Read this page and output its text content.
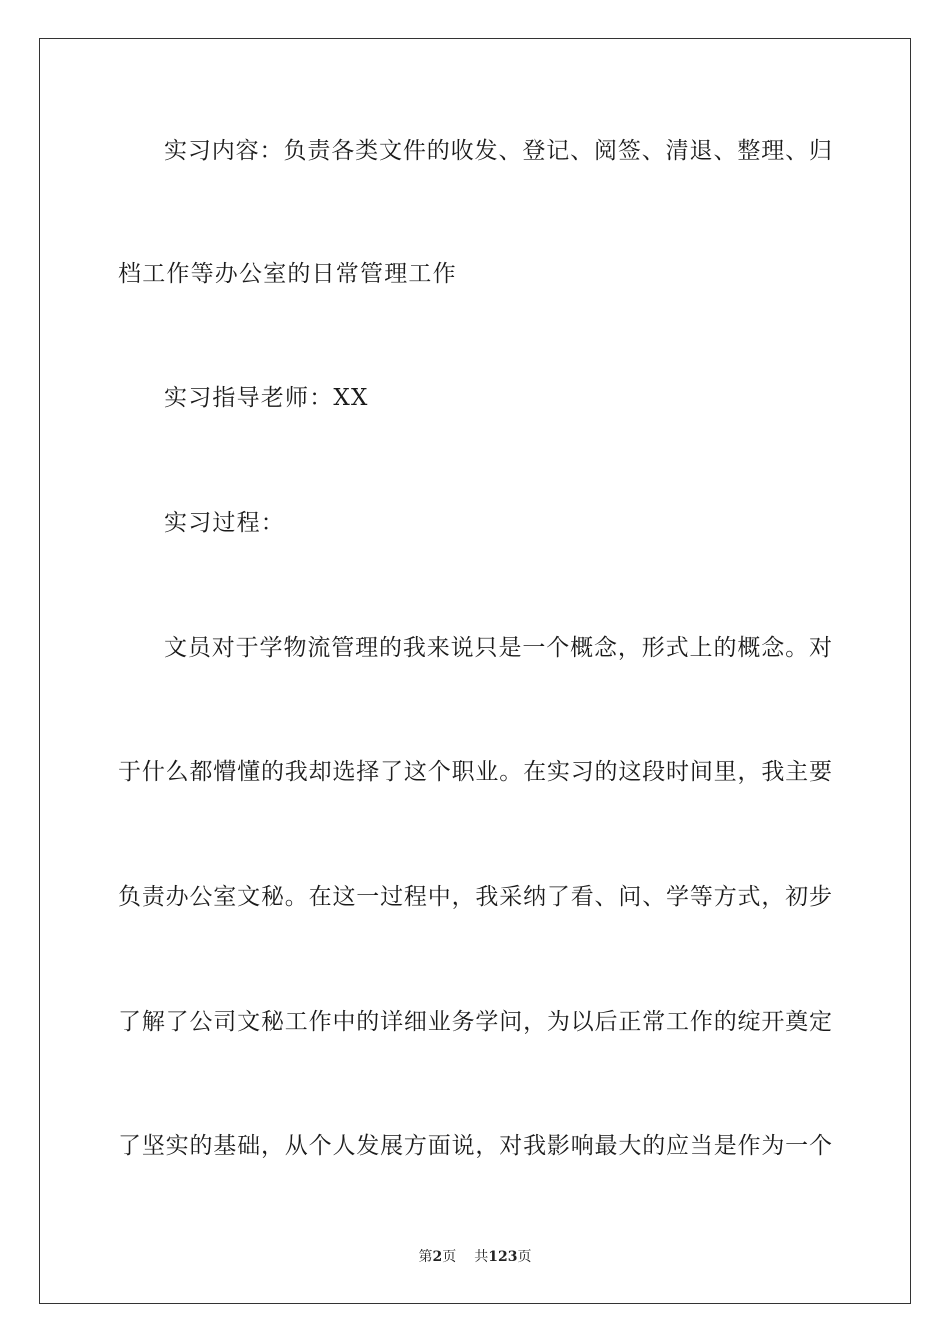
实习内容：负责各类文件的收发、登记、阅签、清退、整理、归
档工作等办公室的日常管理工作
实习指导老师：XX
实习过程：
文员对于学物流管理的我来说只是一个概念，形式上的概念。对
于什么都懵懂的我却选择了这个职业。在实习的这段时间里，我主要
负责办公室文秘。在这一过程中，我采纳了看、问、学等方式，初步
了解了公司文秘工作中的详细业务学问，为以后正常工作的绽开奠定
了坚实的基础，从个人发展方面说，对我影响最大的应当是作为一个
第2页 共123页
